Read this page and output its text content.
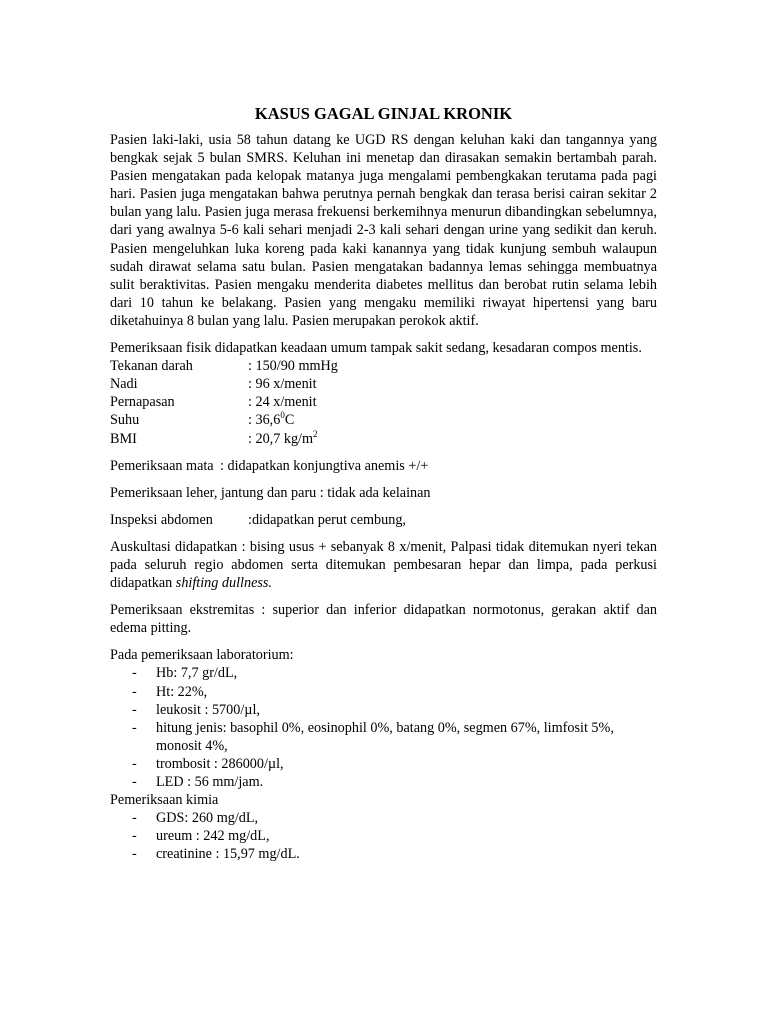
KASUS GAGAL GINJAL KRONIK

Pasien laki-laki, usia 58 tahun datang ke UGD RS dengan keluhan kaki dan tangannya yang bengkak sejak 5 bulan SMRS. Keluhan ini menetap dan dirasakan semakin bertambah parah. Pasien mengatakan pada kelopak matanya juga mengalami pembengkakan terutama pada pagi hari. Pasien juga mengatakan bahwa perutnya pernah bengkak dan terasa berisi cairan sekitar 2 bulan yang lalu. Pasien juga merasa frekuensi berkemihnya menurun dibandingkan sebelumnya, dari yang awalnya 5-6 kali sehari menjadi 2-3 kali sehari dengan urine yang sedikit dan keruh. Pasien mengeluhkan luka koreng pada kaki kanannya yang tidak kunjung sembuh walaupun sudah dirawat selama satu bulan. Pasien mengatakan badannya lemas sehingga membuatnya sulit beraktivitas. Pasien mengaku menderita diabetes mellitus dan berobat rutin selama lebih dari 10 tahun ke belakang. Pasien yang mengaku memiliki riwayat hipertensi yang baru diketahuinya 8 bulan yang lalu. Pasien merupakan perokok aktif.

Pemeriksaan fisik didapatkan keadaan umum tampak sakit sedang, kesadaran compos mentis.
Tekanan darah	: 150/90 mmHg
Nadi	: 96 x/menit
Pernapasan	: 24 x/menit
Suhu	: 36,6$^0$C
BMI	: 20,7 $kg/m^2$
Pemeriksaan mata : didapatkan konjungtiva anemis +/+

Pemeriksaan leher, jantung dan paru : tidak ada kelainan

Inspeksi abdomen :didapatkan perut cembung,

Auskultasi didapatkan : bising usus + sebanyak 8 x/menit, Palpasi tidak ditemukan nyeri tekan pada seluruh regio abdomen serta ditemukan pembesaran hepar dan limpa, pada perkusi didapatkan shifting dullness.

Pemeriksaan ekstremitas : superior dan inferior didapatkan normotonus, gerakan aktif dan edema pitting.

Pada pemeriksaan laboratorium:
- Hb: 7,7 gr/dL,
- Ht: 22%,
- leukosit : 5700/µl,
- hitung jenis: basophil 0%, eosinophil 0%, batang 0%, segmen 67%, limfosit 5%, monosit 4%,
- trombosit : 286000/µl,
- LED : 56 mm/jam.
Pemeriksaan kimia
- GDS: 260 mg/dL,
- ureum : 242 mg/dL,
- creatinine : 15,97 mg/dL.
